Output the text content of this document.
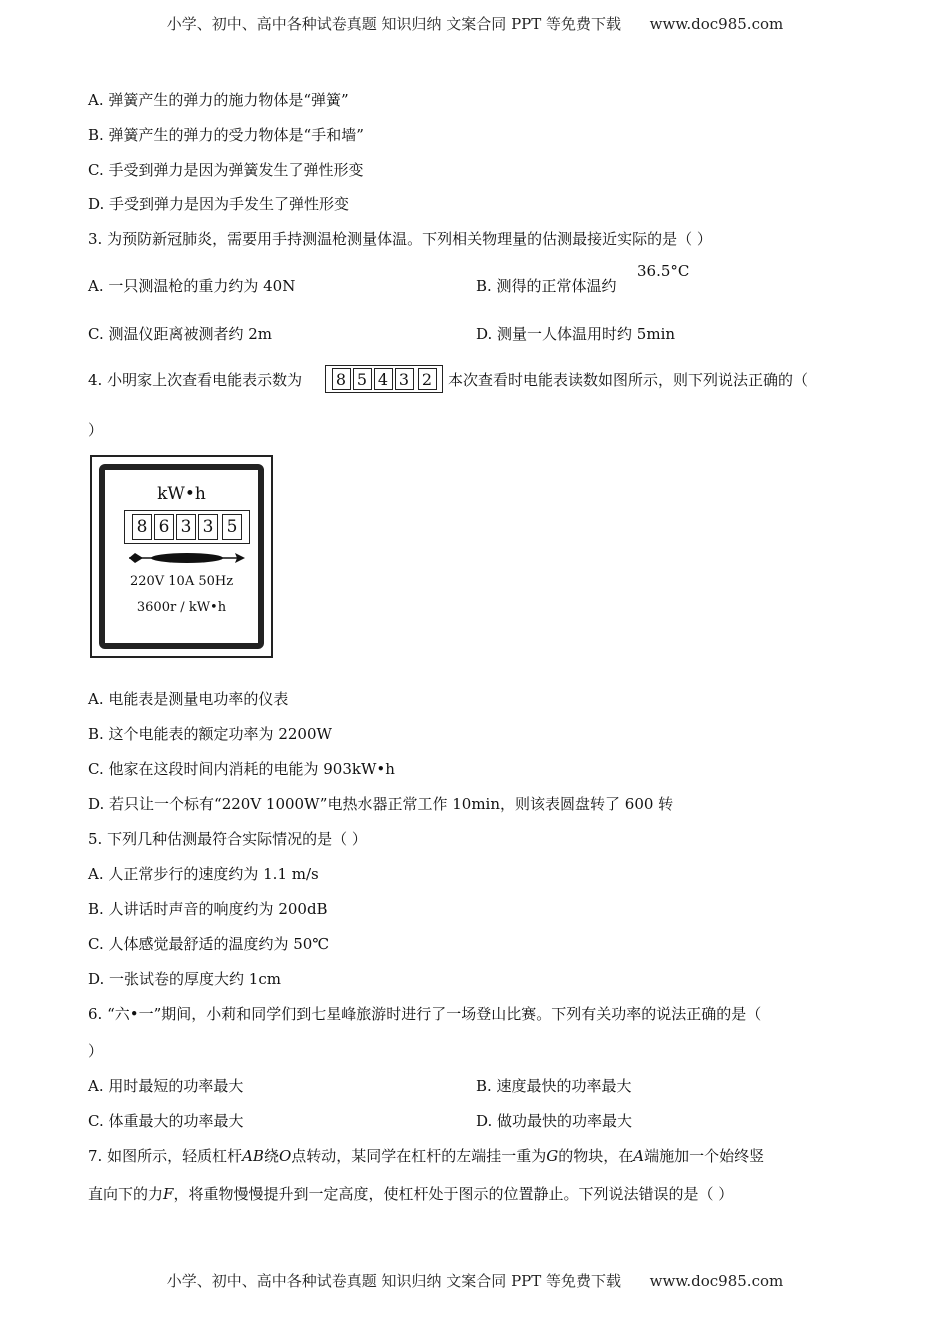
小学、初中、高中各种试卷真题 知识归纳 文案合同 PPT 等免费下载 www.doc985.com
A. 弹簧产生的弹力的施力物体是“弹簧”
B. 弹簧产生的弹力的受力物体是“手和墙”
C. 手受到弹力是因为弹簧发生了弹性形变
D. 手受到弹力是因为手发生了弹性形变
3. 为预防新冠肺炎，需要用手持测温枪测量体温。下列相关物理量的估测最接近实际的是（ ）
A. 一只测温枪的重力约为 40N	B. 测得的正常体温约
36.5°C
C. 测温仪距离被测者约 2m	D. 测量一人体温用时约 5min
4. 小明家上次查看电能表示数为 8 5 4 3 2 本次查看时电能表读数如图所示，则下列说法正确的（
）
kW•h
8 6 3 3 5
220V 10A 50Hz
3600r / kW•h
A. 电能表是测量电功率的仪表
B. 这个电能表的额定功率为 2200W
C. 他家在这段时间内消耗的电能为 903kW•h
D. 若只让一个标有“220V 1000W”电热水器正常工作 10min，则该表圆盘转了 600 转
5. 下列几种估测最符合实际情况的是（ ）
A. 人正常步行的速度约为 1.1 m/s
B. 人讲话时声音的响度约为 200dB
C. 人体感觉最舒适的温度约为 50℃
D. 一张试卷的厚度大约 1cm
6. “六•一”期间，小莉和同学们到七星峰旅游时进行了一场登山比赛。下列有关功率的说法正确的是（
）
A. 用时最短的功率最大	B. 速度最快的功率最大
C. 体重最大的功率最大	D. 做功最快的功率最大
7. 如图所示，轻质杠杆AB绕O点转动，某同学在杠杆的左端挂一重为G的物块，在A端施加一个始终竖
直向下的力F，将重物慢慢提升到一定高度，使杠杆处于图示的位置静止。下列说法错误的是（ ）
小学、初中、高中各种试卷真题 知识归纳 文案合同 PPT 等免费下载 www.doc985.com
